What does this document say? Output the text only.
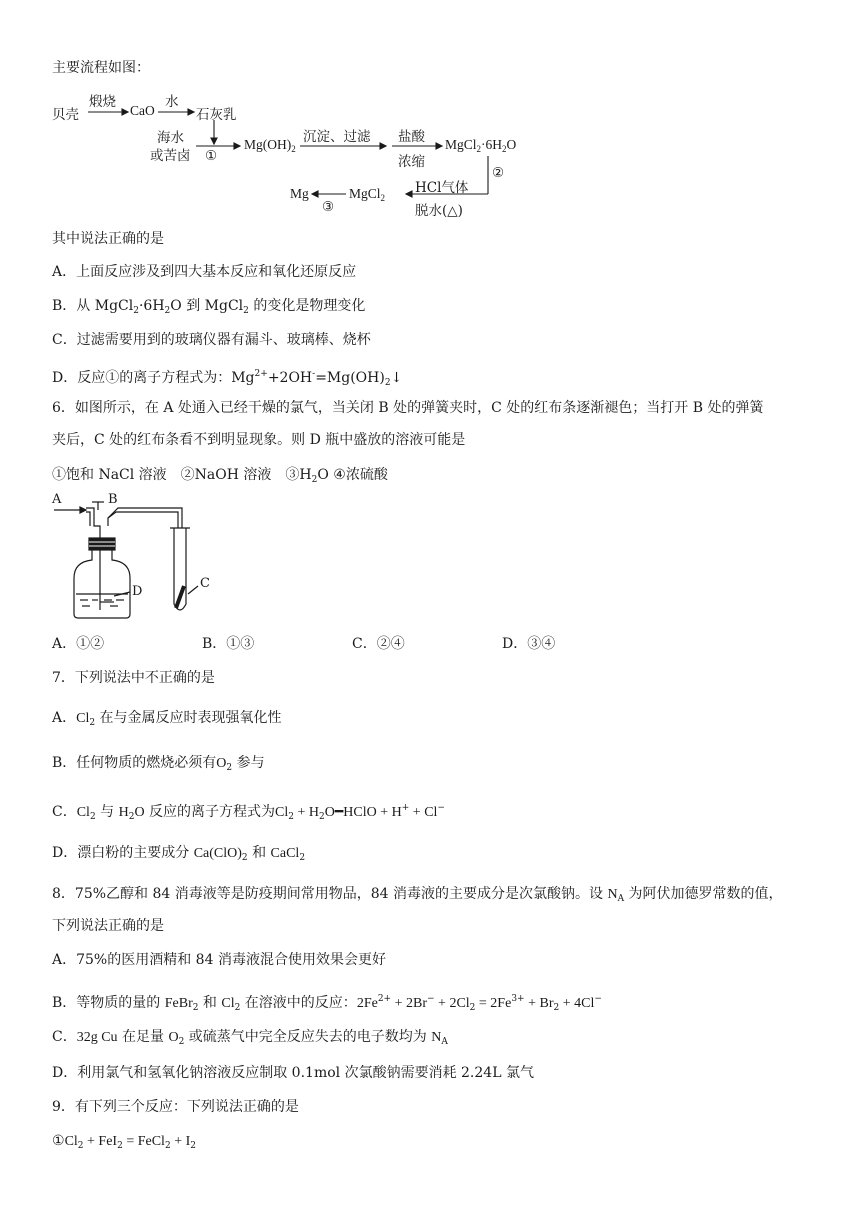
主要流程如图：
贝壳
煅烧
CaO
水
石灰乳
海水
或苦卤 ①
$Mg(OH)_2$
沉淀、过滤 盐酸
浓缩
$MgCl_2\cdot 6H_2O$
②
HCl气体
脱水(△)
MgCl$_2$
③
Mg
其中说法正确的是
A．上面反应涉及到四大基本反应和氧化还原反应
B．从 $MgCl_2\cdot 6H_2O$ 到 MgCl$_2$ 的变化是物理变化
C．过滤需要用到的玻璃仪器有漏斗、玻璃棒、烧杯
D．反应①的离子方程式为：$Mg^{2+}+2OH^-=Mg(OH)_2↓$
6．如图所示，在 A 处通入已经干燥的氯气，当关闭 B 处的弹簧夹时，C 处的红布条逐渐褪色；当打开 B 处的弹簧
夹后，C 处的红布条看不到明显现象。则 D 瓶中盛放的溶液可能是
①饱和 NaCl 溶液　②NaOH 溶液　$③H_2O$ ④浓硫酸
A	B
C
D
A．①②	B．①③	C．②④	D．③④
7．下列说法中不正确的是
A．$Cl_2$ 在与金属反应时表现强氧化性
B．任何物质的燃烧必须有$O_2$ 参与
C．$Cl_2$ 与 $H_2O$ 反应的离子方程式为$Cl_2$ + $H_2O━HClO + H^+ + Cl^-$
D．漂白粉的主要成分 $Ca(ClO)_2$ 和 CaCl$_2$
8．75%乙醇和 84 消毒液等是防疫期间常用物品，84 消毒液的主要成分是次氯酸钠。设 $N_A$ 为阿伏加德罗常数的值，
下列说法正确的是
A．75%的医用酒精和 84 消毒液混合使用效果会更好
B．等物质的量的 FeBr$_2$ 和 $Cl_2$ 在溶液中的反应：$2Fe^{2+} + 2Br^- + 2Cl_2 = 2Fe^{3+} + Br_2 + 4Cl^-$
C．32g Cu 在足量 $O_2$ 或硫蒸气中完全反应失去的电子数均为 $N_A$
D．利用氯气和氢氧化钠溶液反应制取 0.1mol 次氯酸钠需要消耗 2.24L 氯气
9．有下列三个反应：下列说法正确的是
$①Cl_2 + FeI_2$ = FeCl$_2$ + $I_2$
